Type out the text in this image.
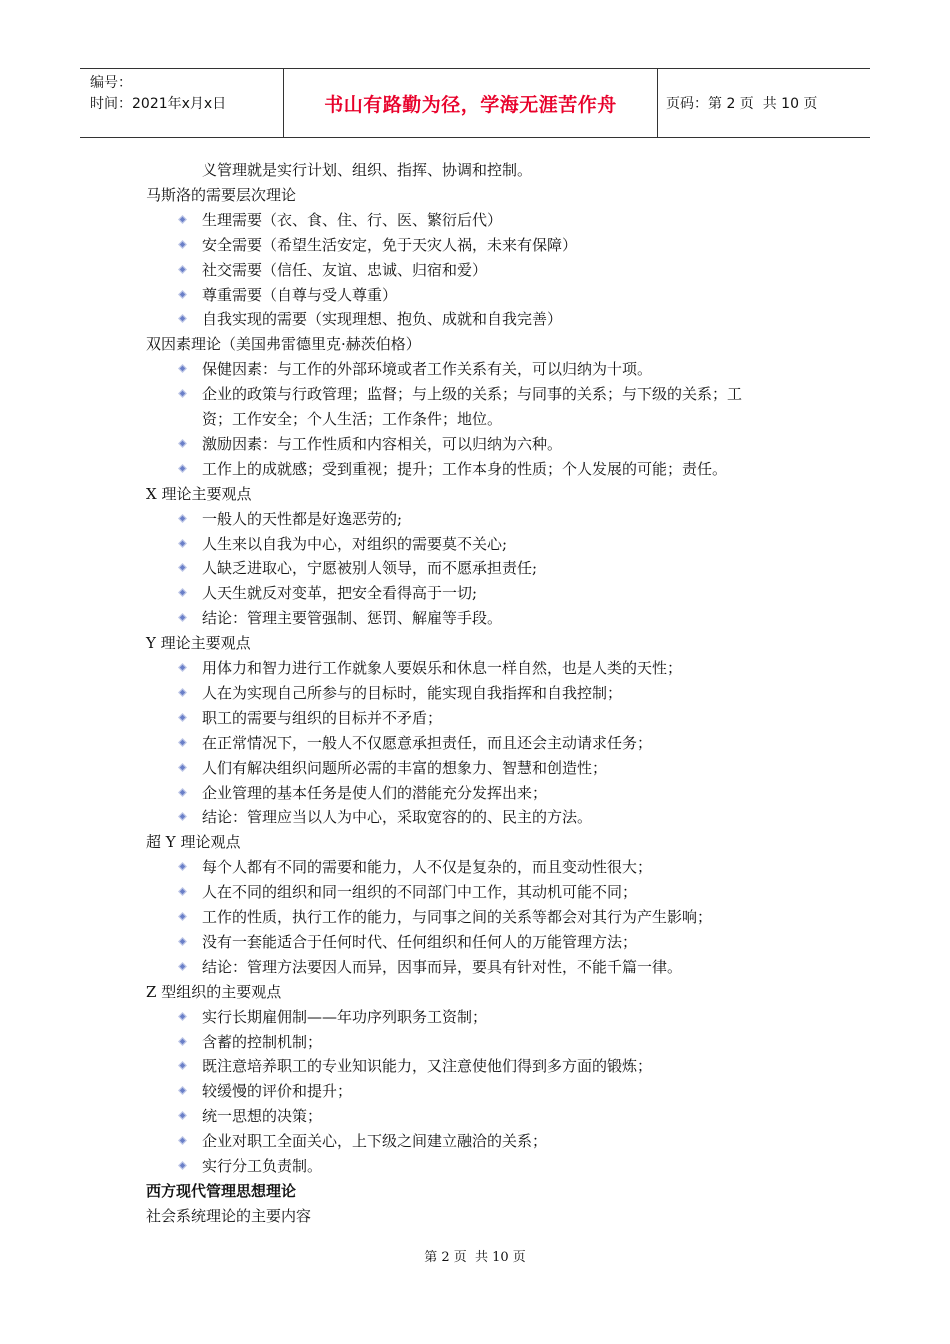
编号：
时间：2021年x月x日	书山有路勤为径，学海无涯苦作舟	页码：第 2 页  共 10 页
义管理就是实行计划、组织、指挥、协调和控制。
马斯洛的需要层次理论
生理需要（衣、食、住、行、医、繁衍后代）
安全需要（希望生活安定，免于天灾人祸，未来有保障）
社交需要（信任、友谊、忠诚、归宿和爱）
尊重需要（自尊与受人尊重）
自我实现的需要（实现理想、抱负、成就和自我完善）
双因素理论（美国弗雷德里克·赫茨伯格）
保健因素：与工作的外部环境或者工作关系有关，可以归纳为十项。
企业的政策与行政管理；监督；与上级的关系；与同事的关系；与下级的关系；工
资；工作安全；个人生活；工作条件；地位。
激励因素：与工作性质和内容相关，可以归纳为六种。
工作上的成就感；受到重视；提升；工作本身的性质；个人发展的可能；责任。
X 理论主要观点
一般人的天性都是好逸恶劳的;
人生来以自我为中心，对组织的需要莫不关心;
人缺乏进取心，宁愿被别人领导，而不愿承担责任;
人天生就反对变革，把安全看得高于一切;
结论：管理主要管强制、惩罚、解雇等手段。
Y 理论主要观点
用体力和智力进行工作就象人要娱乐和休息一样自然，也是人类的天性；
人在为实现自己所参与的目标时，能实现自我指挥和自我控制；
职工的需要与组织的目标并不矛盾；
在正常情况下，一般人不仅愿意承担责任，而且还会主动请求任务；
人们有解决组织问题所必需的丰富的想象力、智慧和创造性；
企业管理的基本任务是使人们的潜能充分发挥出来；
结论：管理应当以人为中心，采取宽容的的、民主的方法。
超 Y 理论观点
每个人都有不同的需要和能力，人不仅是复杂的，而且变动性很大；
人在不同的组织和同一组织的不同部门中工作，其动机可能不同；
工作的性质，执行工作的能力，与同事之间的关系等都会对其行为产生影响；
没有一套能适合于任何时代、任何组织和任何人的万能管理方法；
结论：管理方法要因人而异，因事而异，要具有针对性，不能千篇一律。
Z 型组织的主要观点
实行长期雇佣制——年功序列职务工资制；
含蓄的控制机制；
既注意培养职工的专业知识能力，又注意使他们得到多方面的锻炼；
较缓慢的评价和提升；
统一思想的决策；
企业对职工全面关心，上下级之间建立融洽的关系；
实行分工负责制。
西方现代管理思想理论
社会系统理论的主要内容
第 2 页  共 10 页
